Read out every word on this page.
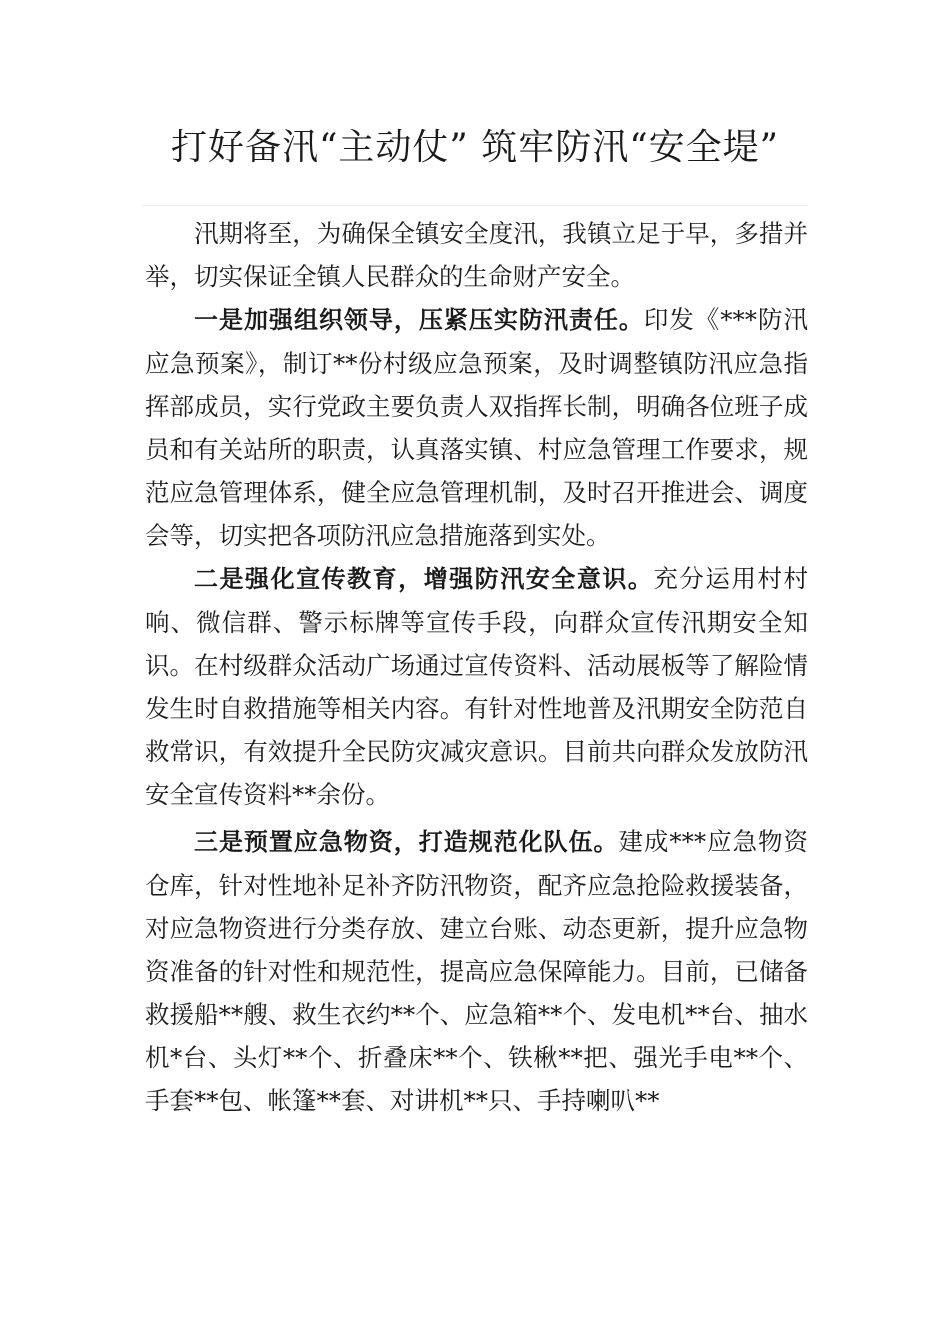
打好备汛“主动仗” 筑牢防汛“安全堤”

汛期将至，为确保全镇安全度汛，我镇立足于早，多措并举，切实保证全镇人民群众的生命财产安全。

一是加强组织领导，压紧压实防汛责任。印发《***防汛应急预案》，制订**份村级应急预案，及时调整镇防汛应急指挥部成员，实行党政主要负责人双指挥长制，明确各位班子成员和有关站所的职责，认真落实镇、村应急管理工作要求，规范应急管理体系，健全应急管理机制，及时召开推进会、调度会等，切实把各项防汛应急措施落到实处。

二是强化宣传教育，增强防汛安全意识。充分运用村村响、微信群、警示标牌等宣传手段，向群众宣传汛期安全知识。在村级群众活动广场通过宣传资料、活动展板等了解险情发生时自救措施等相关内容。有针对性地普及汛期安全防范自救常识，有效提升全民防灾减灾意识。目前共向群众发放防汛安全宣传资料**余份。

三是预置应急物资，打造规范化队伍。建成***应急物资仓库，针对性地补足补齐防汛物资，配齐应急抢险救援装备，对应急物资进行分类存放、建立台账、动态更新，提升应急物资准备的针对性和规范性，提高应急保障能力。目前，已储备救援船**艘、救生衣约**个、应急箱**个、发电机**台、抽水机*台、头灯**个、折叠床**个、铁楸**把、强光手电**个、手套**包、帐篷**套、对讲机**只、手持喇叭**
